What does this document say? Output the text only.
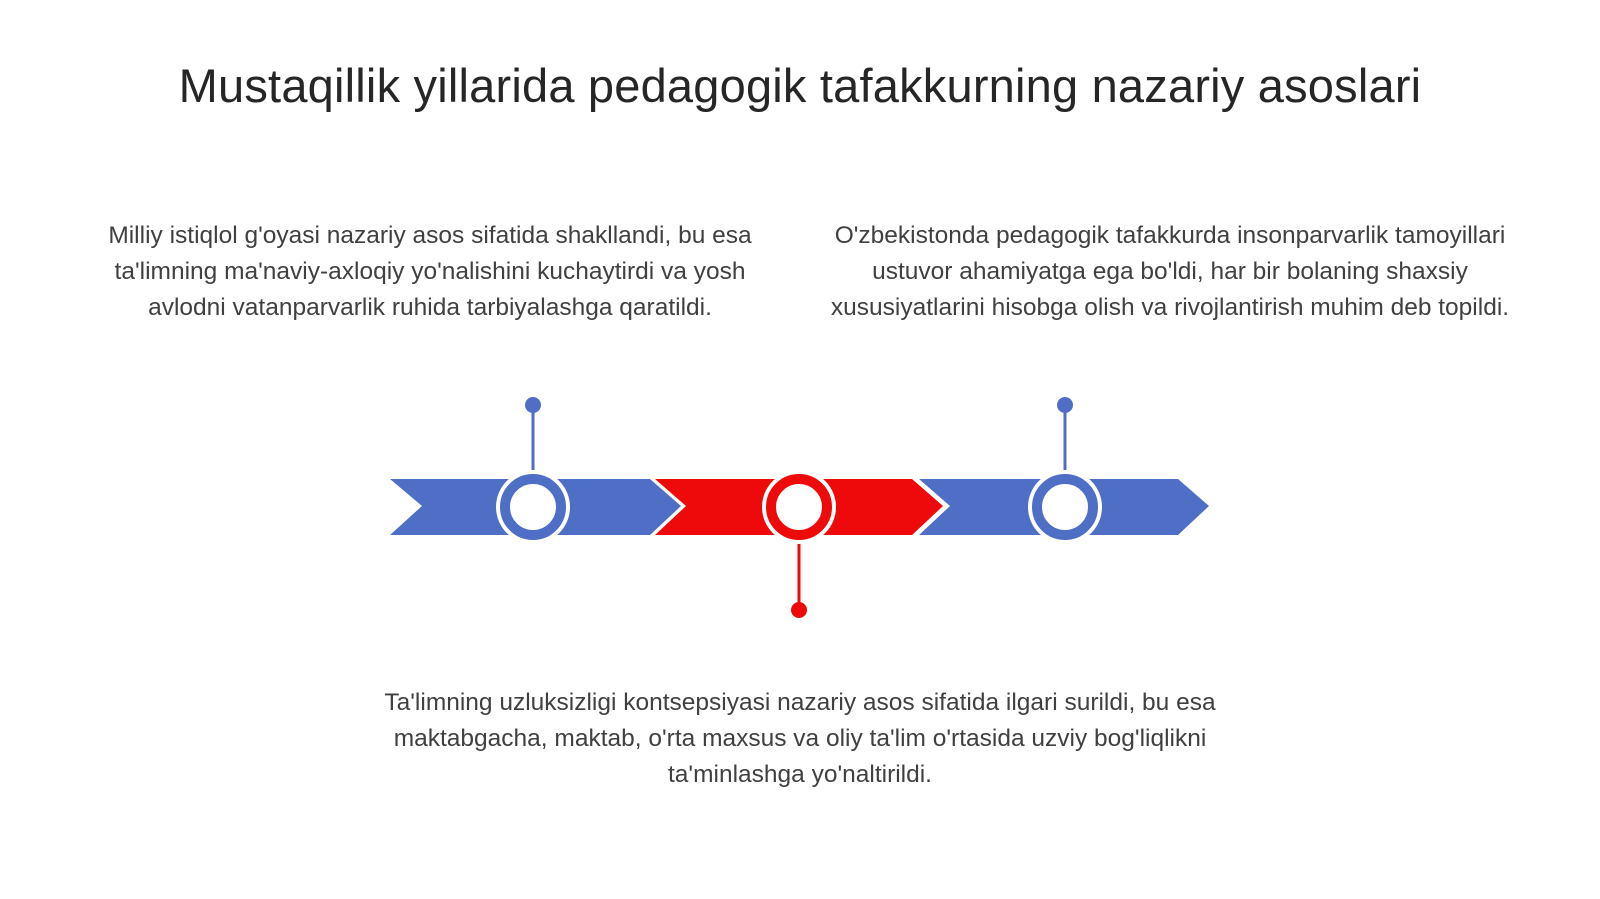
Mustaqillik yillarida pedagogik tafakkurning nazariy asoslari

Milliy istiqlol g'oyasi nazariy asos sifatida shakllandi, bu esa ta'limning ma'naviy-axloqiy yo'nalishini kuchaytirdi va yosh avlodni vatanparvarlik ruhida tarbiyalashga qaratildi.

O'zbekistonda pedagogik tafakkurda insonparvarlik tamoyillari ustuvor ahamiyatga ega bo'ldi, har bir bolaning shaxsiy xususiyatlarini hisobga olish va rivojlantirish muhim deb topildi.

Ta'limning uzluksizligi kontsepsiyasi nazariy asos sifatida ilgari surildi, bu esa maktabgacha, maktab, o'rta maxsus va oliy ta'lim o'rtasida uzviy bog'liqlikni ta'minlashga yo'naltirildi.
